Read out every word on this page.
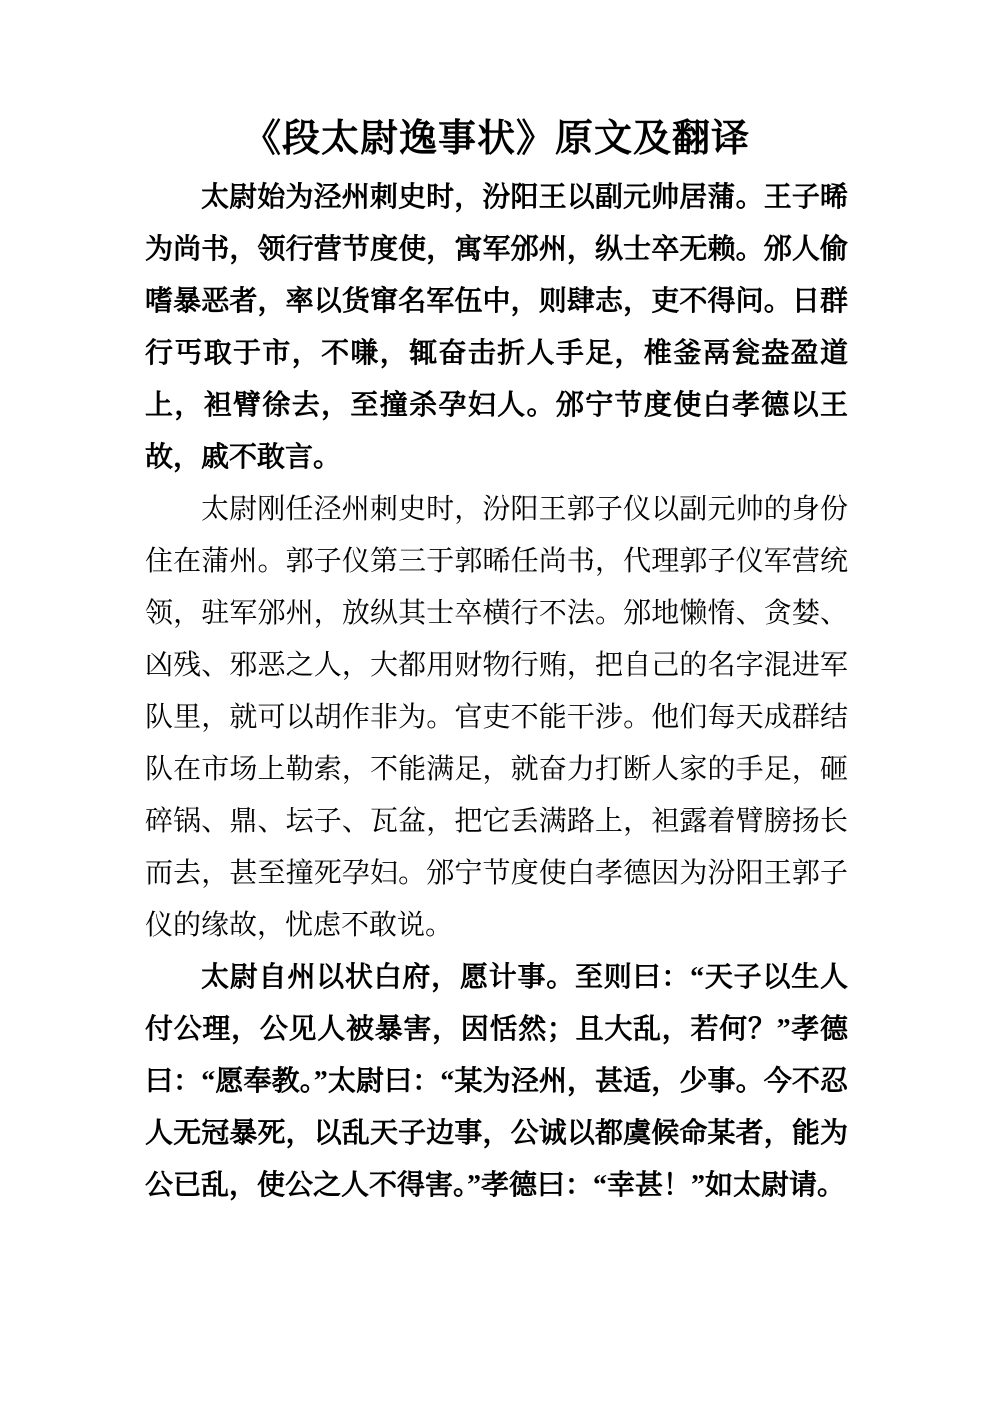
《段太尉逸事状》原文及翻译

太尉始为泾州刺史时，汾阳王以副元帅居蒲。王子晞为尚书，领行营节度使，寓军邠州，纵士卒无赖。邠人偷嗜暴恶者，率以货窜名军伍中，则肆志，吏不得问。日群行丐取于市，不嗛，辄奋击折人手足，椎釜鬲瓮盎盈道上，袒臂徐去，至撞杀孕妇人。邠宁节度使白孝德以王故，戚不敢言。

太尉刚任泾州刺史时，汾阳王郭子仪以副元帅的身份住在蒲州。郭子仪第三于郭晞任尚书，代理郭子仪军营统领，驻军邠州，放纵其士卒横行不法。邠地懒惰、贪婪、凶残、邪恶之人，大都用财物行贿，把自己的名字混进军队里，就可以胡作非为。官吏不能干涉。他们每天成群结队在市场上勒索，不能满足，就奋力打断人家的手足，砸碎锅、鼎、坛子、瓦盆，把它丢满路上，袒露着臂膀扬长而去，甚至撞死孕妇。邠宁节度使白孝德因为汾阳王郭子仪的缘故，忧虑不敢说。

太尉自州以状白府，愿计事。至则曰：“天子以生人付公理，公见人被暴害，因恬然；且大乱，若何？”孝德曰：“愿奉教。”太尉曰：“某为泾州，甚适，少事。今不忍人无冠暴死，以乱天子边事，公诚以都虞候命某者，能为公已乱，使公之人不得害。”孝德曰：“幸甚！”如太尉请。
